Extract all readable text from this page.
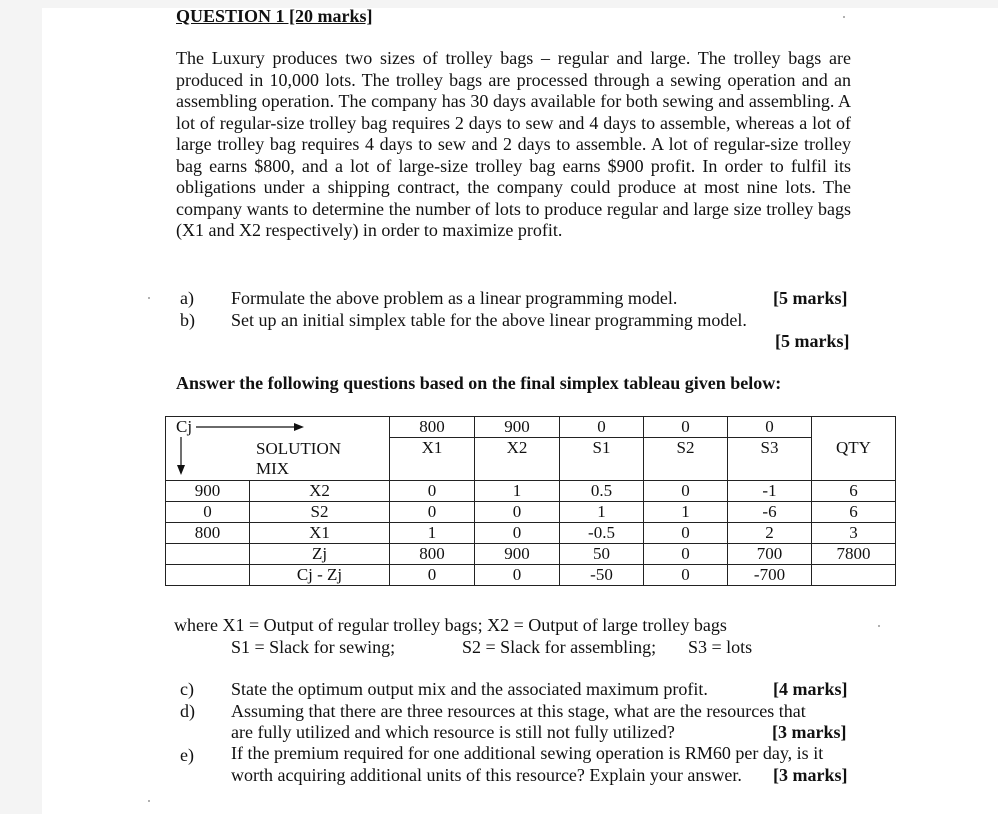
QUESTION 1 [20 marks]
The Luxury produces two sizes of trolley bags – regular and large. The trolley bags are produced in 10,000 lots. The trolley bags are processed through a sewing operation and an assembling operation. The company has 30 days available for both sewing and assembling. A lot of regular-size trolley bag requires 2 days to sew and 4 days to assemble, whereas a lot of large trolley bag requires 4 days to sew and 2 days to assemble. A lot of regular-size trolley bag earns $800, and a lot of large-size trolley bag earns $900 profit. In order to fulfil its obligations under a shipping contract, the company could produce at most nine lots. The company wants to determine the number of lots to produce regular and large size trolley bags (X1 and X2 respectively) in order to maximize profit.
a) Formulate the above problem as a linear programming model.	[5 marks]
b) Set up an initial simplex table for the above linear programming model.
[5 marks]
Answer the following questions based on the final simplex tableau given below:
Cj
SOLUTION MIX		800	900	0	0	0	
		X1	X2	S1	S2	S3	QTY
900	X2	0	1	0.5	0	-1	6
0	S2	0	0	1	1	-6	6
800	X1	1	0	-0.5	0	2	3
	Zj	800	900	50	0	700	7800
	Cj - Zj	0	0	-50	0	-700	
where X1 = Output of regular trolley bags; X2 = Output of large trolley bags
S1 = Slack for sewing;	S2 = Slack for assembling; S3 = lots
c) State the optimum output mix and the associated maximum profit.	[4 marks]
d) Assuming that there are three resources at this stage, what are the resources that
are fully utilized and which resource is still not fully utilized?	[3 marks]
e) If the premium required for one additional sewing operation is RM60 per day, is it
worth acquiring additional units of this resource? Explain your answer. [3 marks]
